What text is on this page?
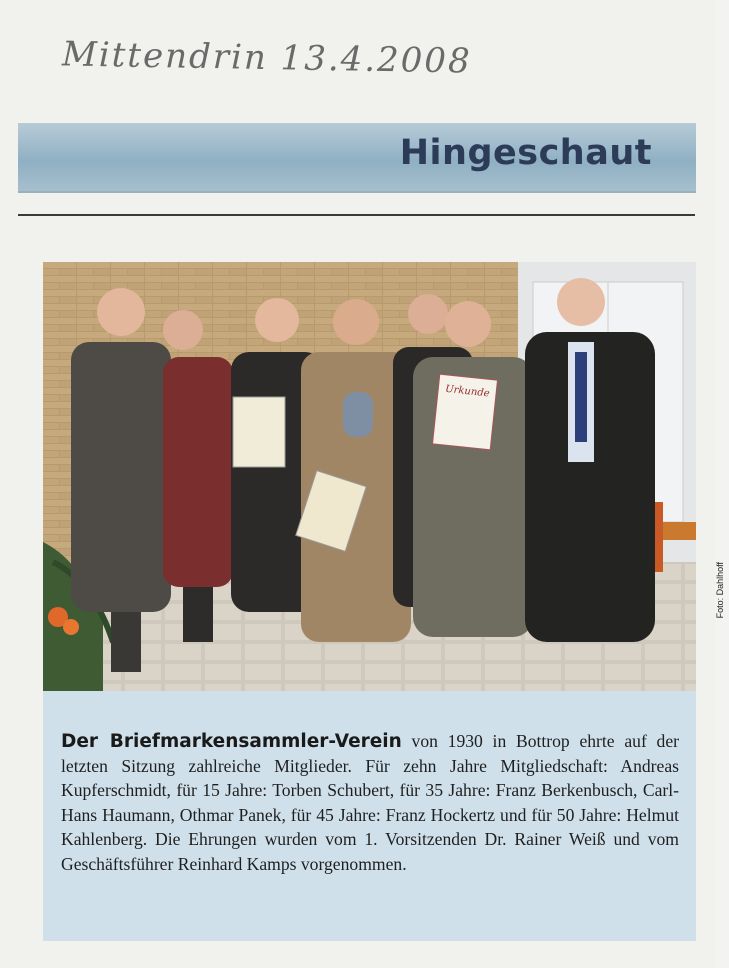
Mittendrin 13.4.2008
Hingeschaut
Urkunde
Foto: Dahlhoff

Der Briefmarkensammler-Verein von 1930 in Bottrop ehrte auf der letzten Sitzung zahlreiche Mitglieder. Für zehn Jahre Mitgliedschaft: Andreas Kupferschmidt, für 15 Jahre: Torben Schubert, für 35 Jahre: Franz Berkenbusch, Carl-Hans Haumann, Othmar Panek, für 45 Jahre: Franz Hockertz und für 50 Jahre: Helmut Kahlenberg. Die Ehrungen wurden vom 1. Vorsitzenden Dr. Rainer Weiß und vom Geschäftsführer Reinhard Kamps vorgenommen.
